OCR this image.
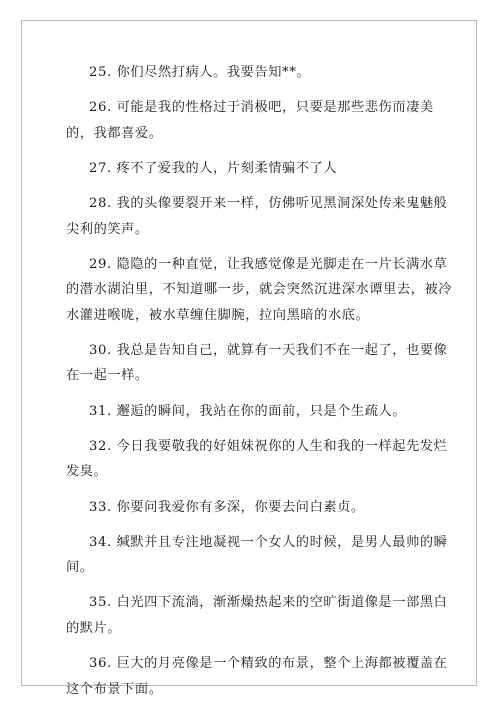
25. 你们尽然打病人。我要告知**。

26. 可能是我的性格过于消极吧，只要是那些悲伤而凄美的，我都喜爱。

27. 疼不了爱我的人，片刻柔情骗不了人

28. 我的头像要裂开来一样，仿佛听见黑洞深处传来鬼魅般尖利的笑声。

29. 隐隐的一种直觉，让我感觉像是光脚走在一片长满水草的潜水湖泊里，不知道哪一步，就会突然沉进深水谭里去，被冷水灌进喉咙，被水草缠住脚腕，拉向黑暗的水底。

30. 我总是告知自己，就算有一天我们不在一起了，也要像在一起一样。

31. 邂逅的瞬间，我站在你的面前，只是个生疏人。

32. 今日我要敬我的好姐妹祝你的人生和我的一样起先发烂发臭。

33. 你要问我爱你有多深，你要去问白素贞。

34. 缄默并且专注地凝视一个女人的时候，是男人最帅的瞬间。

35. 白光四下流淌，渐渐燥热起来的空旷街道像是一部黑白的默片。

36. 巨大的月亮像是一个精致的布景，整个上海都被覆盖在这个布景下面。
